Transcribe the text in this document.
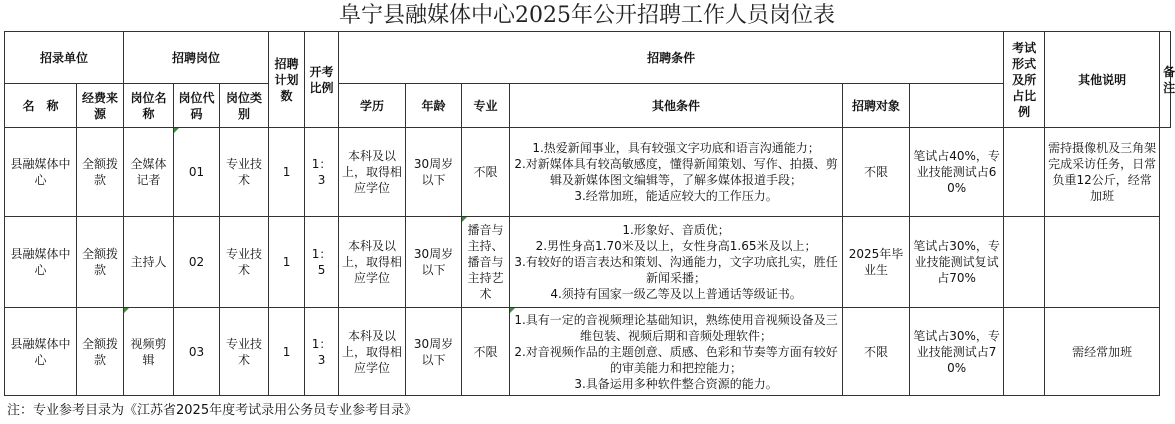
阜宁县融媒体中心2025年公开招聘工作人员岗位表
招录单位		招聘岗位			招聘计划数	开考比例	招聘条件						考试形式及所占比例	其他说明	备注
名　称	经费来源	岗位名称	岗位代码	岗位类别			学历	年龄	专业	其他条件	招聘对象				
县融媒体中心	全额拨款	全媒体记者	01	专业技术	1	1：3	本科及以上，取得相应学位	30周岁以下	不限	1.热爱新闻事业，具有较强文字功底和语言沟通能力；
2.对新媒体具有较高敏感度，懂得新闻策划、写作、拍摄、剪辑及新媒体图文编辑等，了解多媒体报道手段；
3.经常加班，能适应较大的工作压力。	不限	笔试占40%，专业技能测试占60%		需持摄像机及三角架完成采访任务，日常负重12公斤，经常加班	
县融媒体中心	全额拨款	主持人	02	专业技术	1	1：5	本科及以上，取得相应学位	30周岁以下	播音与主持、播音与主持艺术	1.形象好、音质优；
2.男性身高1.70米及以上，女性身高1.65米及以上；
3.有较好的语言表达和策划、沟通能力，文字功底扎实，胜任新闻采播；
4.须持有国家一级乙等及以上普通话等级证书。	2025年毕业生	笔试占30%，专业技能测试复试占70%			
县融媒体中心	全额拨款	视频剪辑	03	专业技术	1	1：3	本科及以上，取得相应学位	30周岁以下	不限	1.具有一定的音视频理论基础知识，熟练使用音视频设备及三维包装、视频后期和音频处理软件；
2.对音视频作品的主题创意、质感、色彩和节奏等方面有较好的审美能力和把控能力；
3.具备运用多种软件整合资源的能力。	不限	笔试占30%，专业技能测试占70%		需经常加班	
注：专业参考目录为《江苏省2025年度考试录用公务员专业参考目录》
